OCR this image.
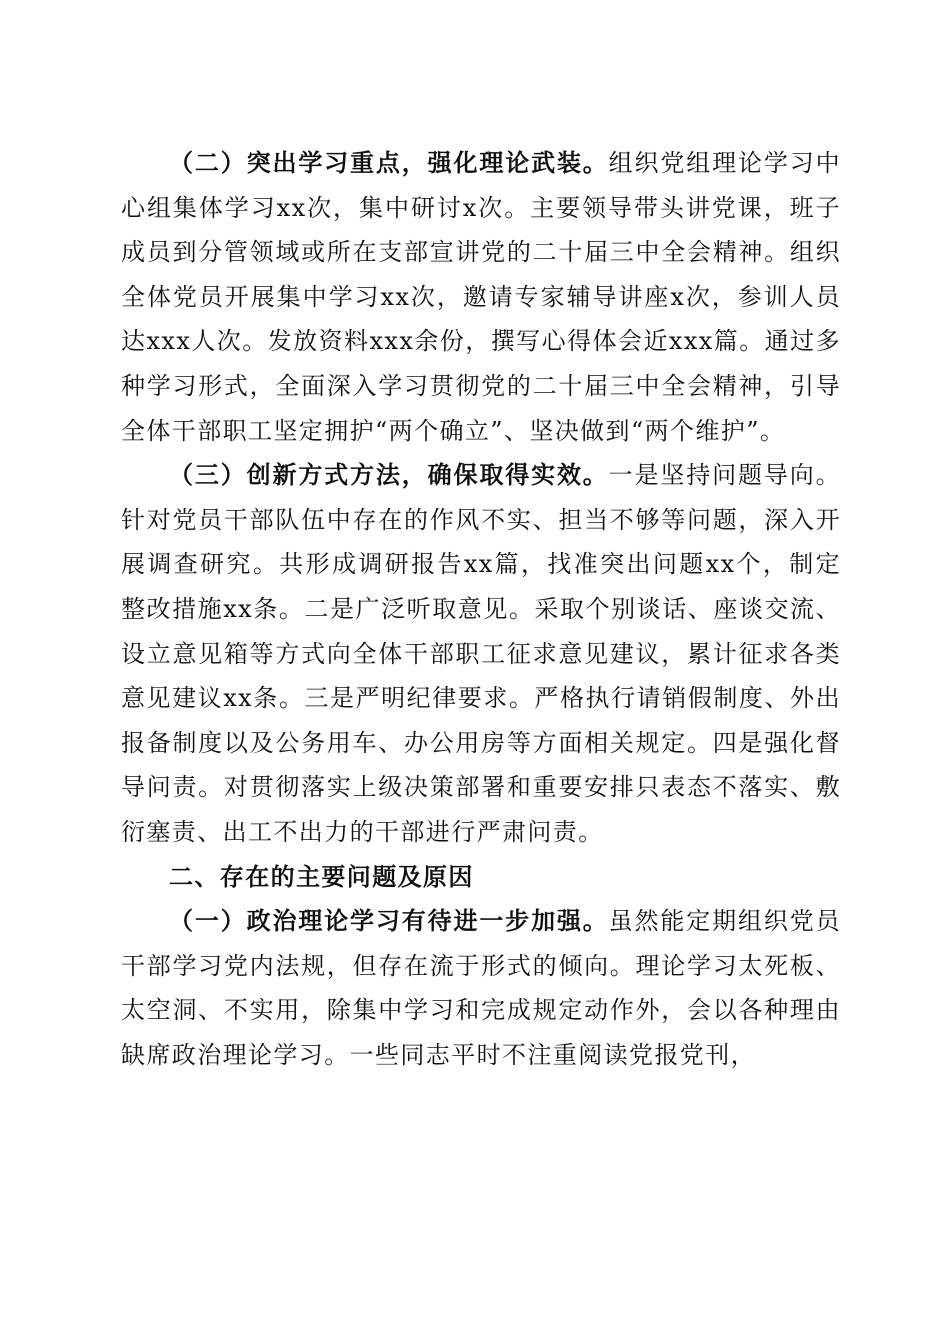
（二）突出学习重点，强化理论武装。组织党组理论学习中心组集体学习xx次，集中研讨x次。主要领导带头讲党课，班子成员到分管领域或所在支部宣讲党的二十届三中全会精神。组织全体党员开展集中学习xx次，邀请专家辅导讲座x次，参训人员达xxx人次。发放资料xxx余份，撰写心得体会近xxx篇。通过多种学习形式，全面深入学习贯彻党的二十届三中全会精神，引导全体干部职工坚定拥护“两个确立”、坚决做到“两个维护”。

（三）创新方式方法，确保取得实效。一是坚持问题导向。针对党员干部队伍中存在的作风不实、担当不够等问题，深入开展调查研究。共形成调研报告xx篇，找准突出问题xx个，制定整改措施xx条。二是广泛听取意见。采取个别谈话、座谈交流、设立意见箱等方式向全体干部职工征求意见建议，累计征求各类意见建议xx条。三是严明纪律要求。严格执行请销假制度、外出报备制度以及公务用车、办公用房等方面相关规定。四是强化督导问责。对贯彻落实上级决策部署和重要安排只表态不落实、敷衍塞责、出工不出力的干部进行严肃问责。

二、存在的主要问题及原因

（一）政治理论学习有待进一步加强。虽然能定期组织党员干部学习党内法规，但存在流于形式的倾向。理论学习太死板、太空洞、不实用，除集中学习和完成规定动作外，会以各种理由缺席政治理论学习。一些同志平时不注重阅读党报党刊，
